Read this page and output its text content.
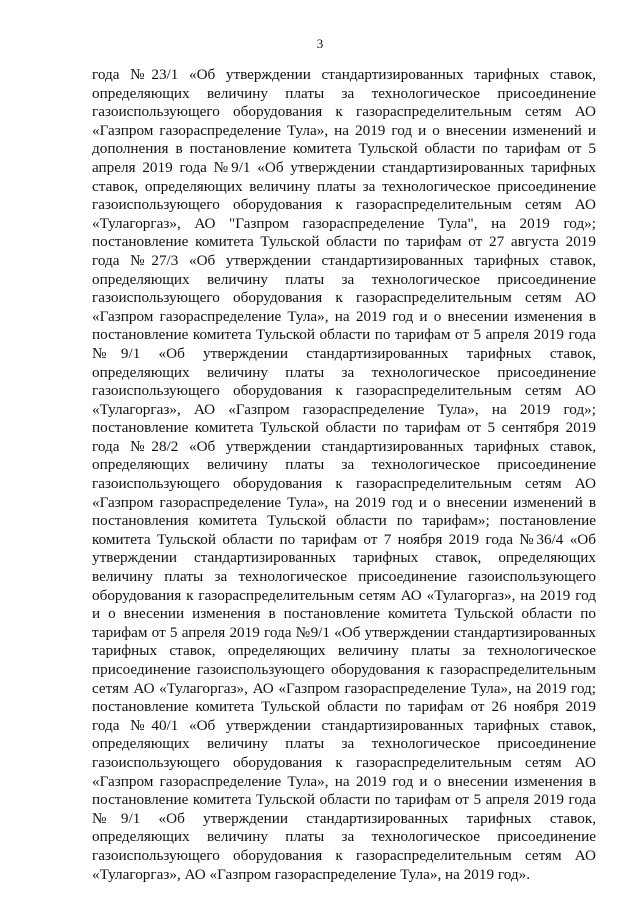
3

года №23/1 «Об утверждении стандартизированных тарифных ставок, определяющих величину платы за технологическое присоединение газоиспользующего оборудования к газораспределительным сетям АО «Газпром газораспределение Тула», на 2019 год и о внесении изменений и дополнения в постановление комитета Тульской области по тарифам от 5 апреля 2019 года №9/1 «Об утверждении стандартизированных тарифных ставок, определяющих величину платы за технологическое присоединение газоиспользующего оборудования к газораспределительным сетям АО «Тулагоргаз», АО "Газпром газораспределение Тула", на 2019 год»; постановление комитета Тульской области по тарифам от 27 августа 2019 года №27/3 «Об утверждении стандартизированных тарифных ставок, определяющих величину платы за технологическое присоединение газоиспользующего оборудования к газораспределительным сетям АО «Газпром газораспределение Тула», на 2019 год и о внесении изменения в постановление комитета Тульской области по тарифам от 5 апреля 2019 года №9/1 «Об утверждении стандартизированных тарифных ставок, определяющих величину платы за технологическое присоединение газоиспользующего оборудования к газораспределительным сетям АО «Тулагоргаз», АО «Газпром газораспределение Тула», на 2019 год»; постановление комитета Тульской области по тарифам от 5 сентября 2019 года №28/2 «Об утверждении стандартизированных тарифных ставок, определяющих величину платы за технологическое присоединение газоиспользующего оборудования к газораспределительным сетям АО «Газпром газораспределение Тула», на 2019 год и о внесении изменений в постановления комитета Тульской области по тарифам»; постановление комитета Тульской области по тарифам от 7 ноября 2019 года №36/4 «Об утверждении стандартизированных тарифных ставок, определяющих величину платы за технологическое присоединение газоиспользующего оборудования к газораспределительным сетям АО «Тулагоргаз», на 2019 год и о внесении изменения в постановление комитета Тульской области по тарифам от 5 апреля 2019 года №9/1 «Об утверждении стандартизированных тарифных ставок, определяющих величину платы за технологическое присоединение газоиспользующего оборудования к газораспределительным сетям АО «Тулагоргаз», АО «Газпром газораспределение Тула», на 2019 год; постановление комитета Тульской области по тарифам от 26 ноября 2019 года №40/1 «Об утверждении стандартизированных тарифных ставок, определяющих величину платы за технологическое присоединение газоиспользующего оборудования к газораспределительным сетям АО «Газпром газораспределение Тула», на 2019 год и о внесении изменения в постановление комитета Тульской области по тарифам от 5 апреля 2019 года №9/1 «Об утверждении стандартизированных тарифных ставок, определяющих величину платы за технологическое присоединение газоиспользующего оборудования к газораспределительным сетям АО «Тулагоргаз», АО «Газпром газораспределение Тула», на 2019 год».
